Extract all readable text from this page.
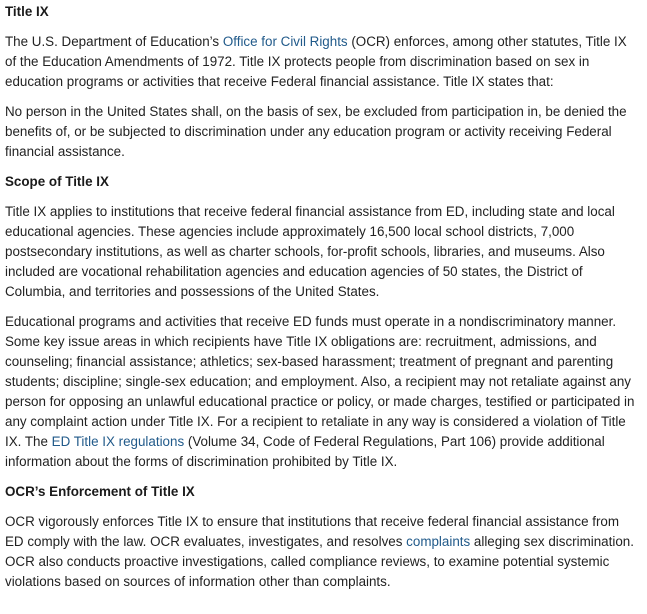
Title IX

The U.S. Department of Education’s Office for Civil Rights (OCR) enforces, among other statutes, Title IX of the Education Amendments of 1972. Title IX protects people from discrimination based on sex in education programs or activities that receive Federal financial assistance. Title IX states that:

No person in the United States shall, on the basis of sex, be excluded from participation in, be denied the benefits of, or be subjected to discrimination under any education program or activity receiving Federal financial assistance.

Scope of Title IX

Title IX applies to institutions that receive federal financial assistance from ED, including state and local educational agencies. These agencies include approximately 16,500 local school districts, 7,000 postsecondary institutions, as well as charter schools, for-profit schools, libraries, and museums. Also included are vocational rehabilitation agencies and education agencies of 50 states, the District of Columbia, and territories and possessions of the United States.

Educational programs and activities that receive ED funds must operate in a nondiscriminatory manner. Some key issue areas in which recipients have Title IX obligations are: recruitment, admissions, and counseling; financial assistance; athletics; sex-based harassment; treatment of pregnant and parenting students; discipline; single-sex education; and employment. Also, a recipient may not retaliate against any person for opposing an unlawful educational practice or policy, or made charges, testified or participated in any complaint action under Title IX. For a recipient to retaliate in any way is considered a violation of Title IX. The ED Title IX regulations (Volume 34, Code of Federal Regulations, Part 106) provide additional information about the forms of discrimination prohibited by Title IX.

OCR’s Enforcement of Title IX

OCR vigorously enforces Title IX to ensure that institutions that receive federal financial assistance from ED comply with the law. OCR evaluates, investigates, and resolves complaints alleging sex discrimination. OCR also conducts proactive investigations, called compliance reviews, to examine potential systemic violations based on sources of information other than complaints.
